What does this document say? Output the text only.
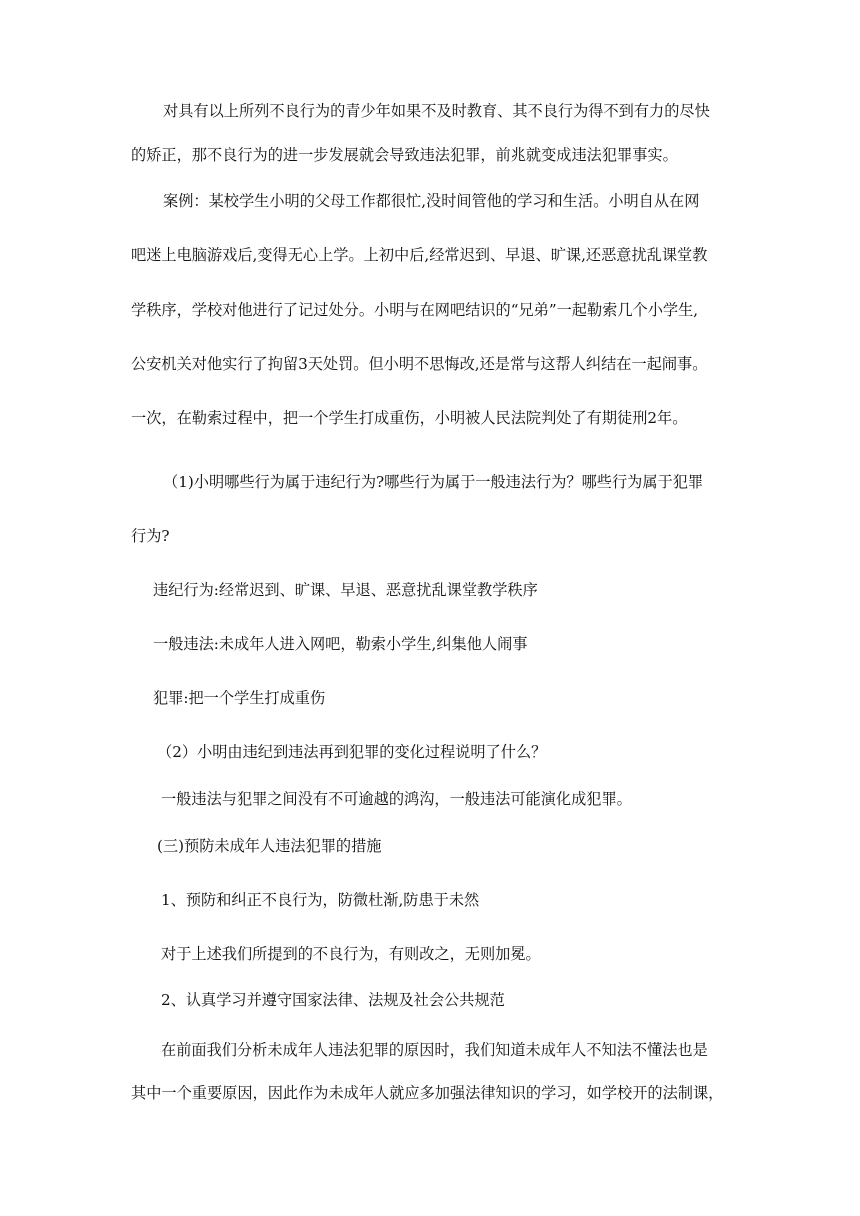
对具有以上所列不良行为的青少年如果不及时教育、其不良行为得不到有力的尽快
的矫正，那不良行为的进一步发展就会导致违法犯罪，前兆就变成违法犯罪事实。
案例：某校学生小明的父母工作都很忙,没时间管他的学习和生活。小明自从在网
吧迷上电脑游戏后,变得无心上学。上初中后,经常迟到、早退、旷课,还恶意扰乱课堂教
学秩序，学校对他进行了记过处分。小明与在网吧结识的“兄弟”一起勒索几个小学生,
公安机关对他实行了拘留3天处罚。但小明不思悔改,还是常与这帮人纠结在一起闹事。
一次，在勒索过程中，把一个学生打成重伤，小明被人民法院判处了有期徒刑2年。
（1)小明哪些行为属于违纪行为?哪些行为属于一般违法行为？哪些行为属于犯罪
行为?
违纪行为:经常迟到、旷课、早退、恶意扰乱课堂教学秩序
一般违法:未成年人进入网吧，勒索小学生,纠集他人闹事
犯罪:把一个学生打成重伤
（2）小明由违纪到违法再到犯罪的变化过程说明了什么？
一般违法与犯罪之间没有不可逾越的鸿沟，一般违法可能演化成犯罪。
(三)预防未成年人违法犯罪的措施
1、预防和纠正不良行为，防微杜渐,防患于未然
对于上述我们所提到的不良行为，有则改之，无则加冕。
2、认真学习并遵守国家法律、法规及社会公共规范
在前面我们分析未成年人违法犯罪的原因时，我们知道未成年人不知法不懂法也是
其中一个重要原因，因此作为未成年人就应多加强法律知识的学习，如学校开的法制课，
